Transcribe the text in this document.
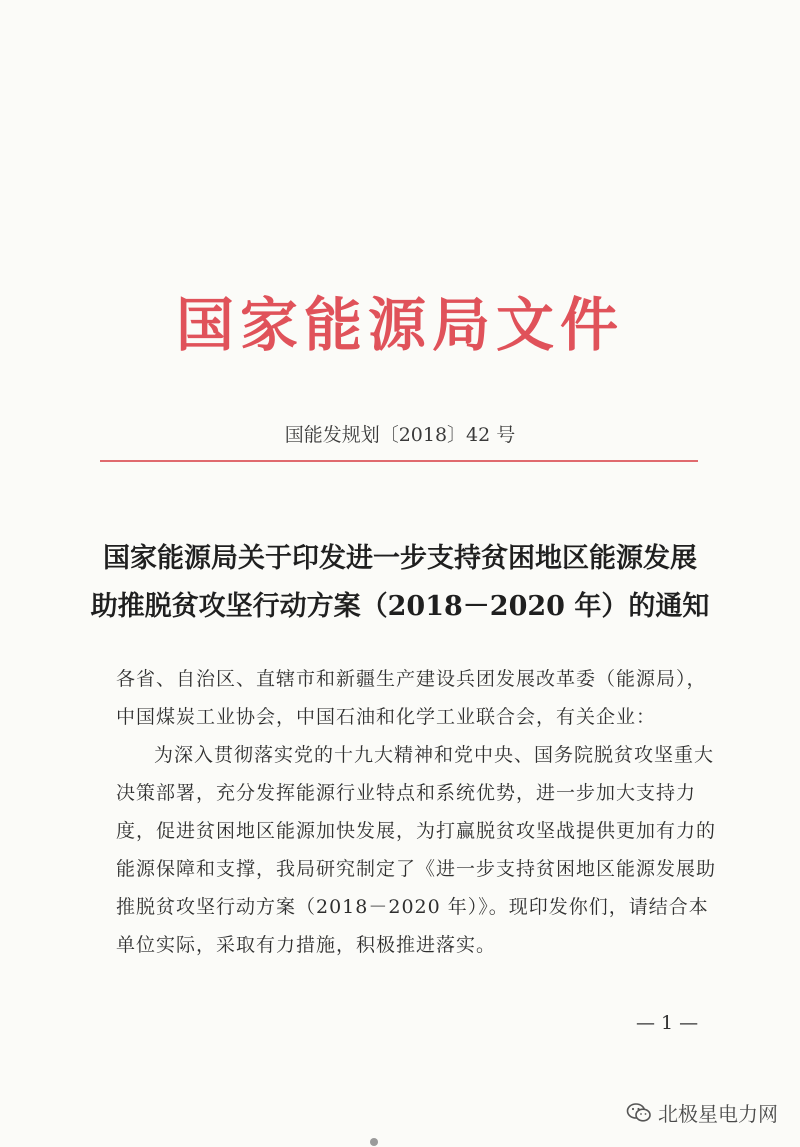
国家能源局文件
国能发规划〔2018〕42 号
国家能源局关于印发进一步支持贫困地区能源发展
助推脱贫攻坚行动方案（2018－2020 年）的通知

各省、自治区、直辖市和新疆生产建设兵团发展改革委（能源局），

中国煤炭工业协会，中国石油和化学工业联合会，有关企业：

为深入贯彻落实党的十九大精神和党中央、国务院脱贫攻坚重大决策部署，充分发挥能源行业特点和系统优势，进一步加大支持力度，促进贫困地区能源加快发展，为打赢脱贫攻坚战提供更加有力的能源保障和支撑，我局研究制定了《进一步支持贫困地区能源发展助推脱贫攻坚行动方案（2018－2020 年）》。现印发你们，请结合本单位实际，采取有力措施，积极推进落实。

— 1 —
北极星电力网
